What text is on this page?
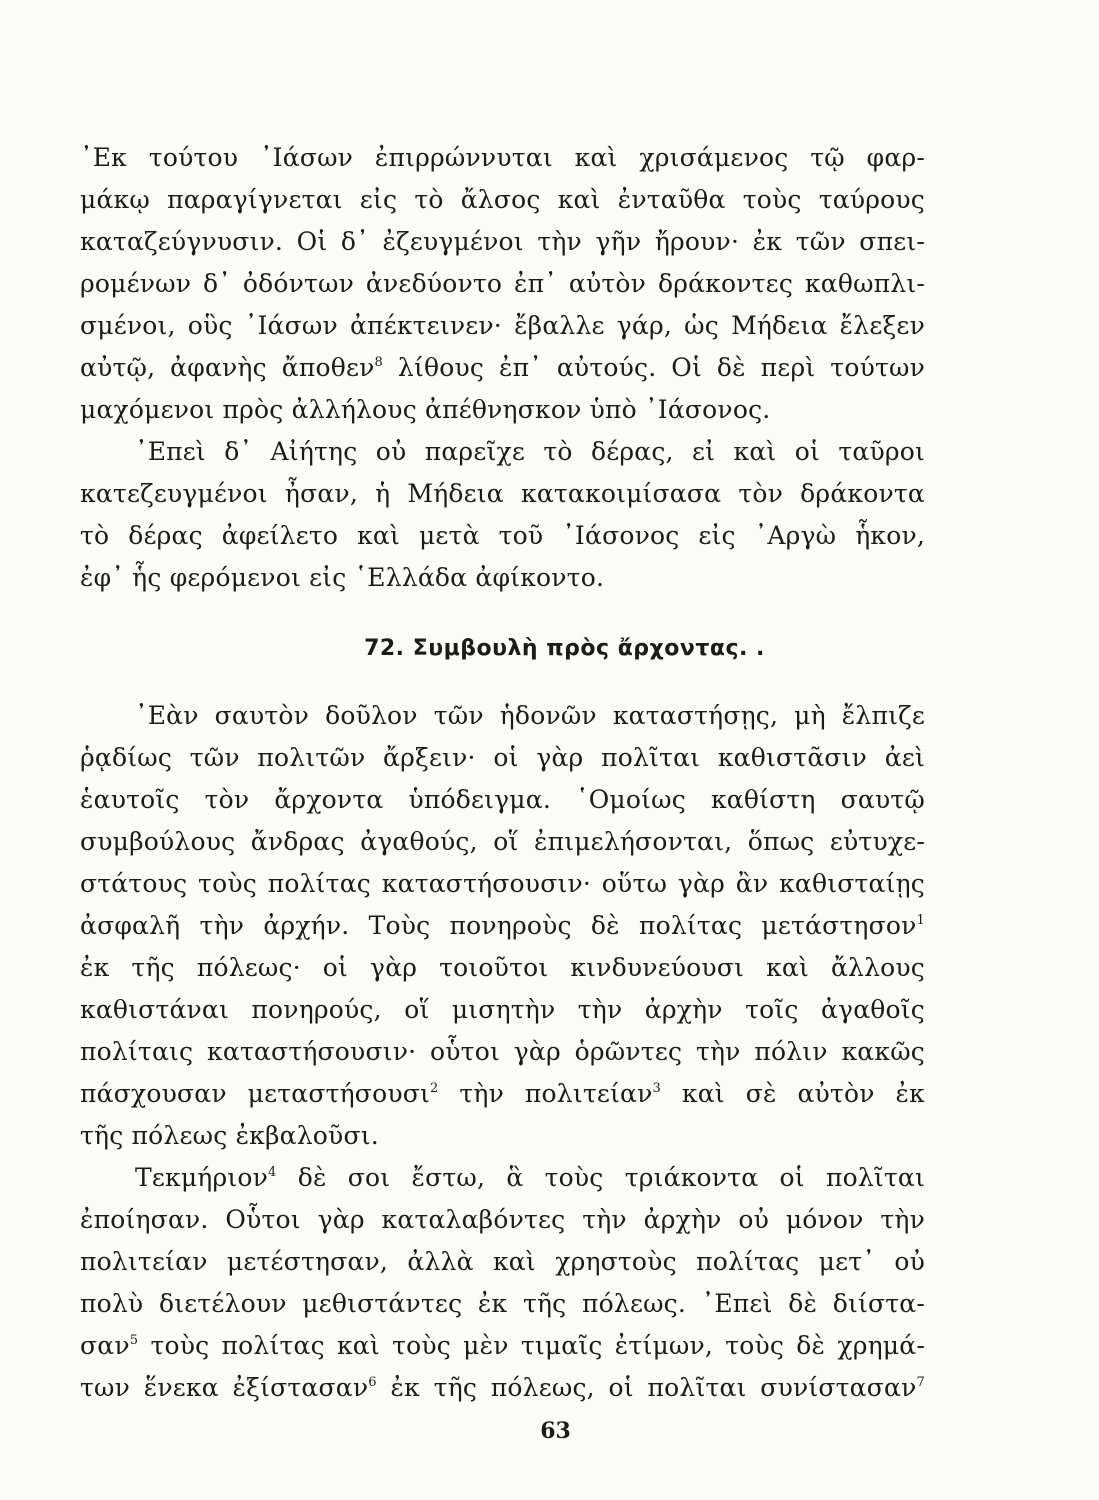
᾿Εκ τούτου ᾿Ιάσων ἐπιρρώννυται καὶ χρισάμενος τῷ φαρ-
μάκῳ παραγίγνεται εἰς τὸ ἄλσος καὶ ἐνταῦθα τοὺς ταύρους
καταζεύγνυσιν. Οἱ δ᾿ ἐζευγμένοι τὴν γῆν ἤρουν· ἐκ τῶν σπει-
ρομένων δ᾿ ὀδόντων ἀνεδύοντο ἐπ᾿ αὐτὸν δράκοντες καθωπλι-
σμένοι, οὓς ᾿Ιάσων ἀπέκτεινεν· ἔβαλλε γάρ, ὡς Μήδεια ἔλεξεν
αὐτῷ, ἀφανὴς ἄποθεν$^8$ λίθους ἐπ᾿ αὐτούς. Οἱ δὲ περὶ τούτων
μαχόμενοι πρὸς ἀλλήλους ἀπέθνησκον ὑπὸ ᾿Ιάσονος.
᾿Επεὶ δ᾿ Αἰήτης οὐ παρεῖχε τὸ δέρας, εἰ καὶ οἱ ταῦροι
κατεζευγμένοι ἦσαν, ἡ Μήδεια κατακοιμίσασα τὸν δράκοντα
τὸ δέρας ἀφείλετο καὶ μετὰ τοῦ ᾿Ιάσονος εἰς ᾿Αργὼ ἧκον,
ἐφ᾿ ἧς φερόμενοι εἰς ῾Ελλάδα ἀφίκοντο.
72. Συμβουλὴ πρὸς ἄρχοντας. .
᾿Εὰν σαυτὸν δοῦλον τῶν ἡδονῶν καταστήσῃς, μὴ ἔλπιζε
ῥᾳδίως τῶν πολιτῶν ἄρξειν· οἱ γὰρ πολῖται καθιστᾶσιν ἀεὶ
ἑαυτοῖς τὸν ἄρχοντα ὑπόδειγμα. ῾Ομοίως καθίστη σαυτῷ
συμβούλους ἄνδρας ἀγαθούς, οἵ ἐπιμελήσονται, ὅπως εὐτυχε-
στάτους τοὺς πολίτας καταστήσουσιν· οὕτω γὰρ ἂν καθισταίῃς
ἀσφαλῆ τὴν ἀρχήν. Τοὺς πονηροὺς δὲ πολίτας μετάστησον$^1$
ἐκ τῆς πόλεως· οἱ γὰρ τοιοῦτοι κινδυνεύουσι καὶ ἄλλους
καθιστάναι πονηρούς, οἵ μισητὴν τὴν ἀρχὴν τοῖς ἀγαθοῖς
πολίταις καταστήσουσιν· οὗτοι γὰρ ὁρῶντες τὴν πόλιν κακῶς
πάσχουσαν μεταστήσουσι$^2$ τὴν πολιτείαν$^3$ καὶ σὲ αὐτὸν ἐκ
τῆς πόλεως ἐκβαλοῦσι.
Τεκμήριον$^4$ δὲ σοι ἔστω, ἃ τοὺς τριάκοντα οἱ πολῖται
ἐποίησαν. Οὗτοι γὰρ καταλαβόντες τὴν ἀρχὴν οὐ μόνον τὴν
πολιτείαν μετέστησαν, ἀλλὰ καὶ χρηστοὺς πολίτας μετ᾿ οὐ
πολὺ διετέλουν μεθιστάντες ἐκ τῆς πόλεως. ᾿Επεὶ δὲ διίστα-
σαν$^5$ τοὺς πολίτας καὶ τοὺς μὲν τιμαῖς ἐτίμων, τοὺς δὲ χρημά-
των ἕνεκα ἐξίστασαν$^6$ ἐκ τῆς πόλεως, οἱ πολῖται συνίστασαν$^7$
63
